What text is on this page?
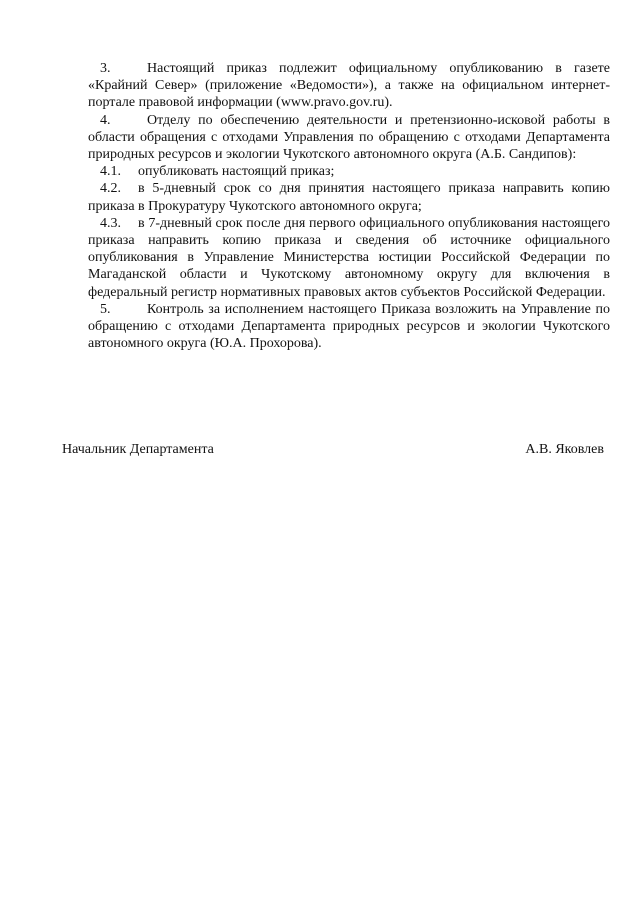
3.	Настоящий приказ подлежит официальному опубликованию в газете «Крайний Север» (приложение «Ведомости»), а также на официальном интернет-портале правовой информации (www.pravo.gov.ru).

4.	Отделу по обеспечению деятельности и претензионно-исковой работы в области обращения с отходами Управления по обращению с отходами Департамента природных ресурсов и экологии Чукотского автономного округа (А.Б. Сандипов):

4.1. опубликовать настоящий приказ;

4.2. в 5-дневный срок со дня принятия настоящего приказа направить копию приказа в Прокуратуру Чукотского автономного округа;

4.3. в 7-дневный срок после дня первого официального опубликования настоящего приказа направить копию приказа и сведения об источнике официального опубликования в Управление Министерства юстиции Российской Федерации по Магаданской области и Чукотскому автономному округу для включения в федеральный регистр нормативных правовых актов субъектов Российской Федерации.

5.	Контроль за исполнением настоящего Приказа возложить на Управление по обращению с отходами Департамента природных ресурсов и экологии Чукотского автономного округа (Ю.А. Прохорова).

Начальник Департамента	А.В. Яковлев
